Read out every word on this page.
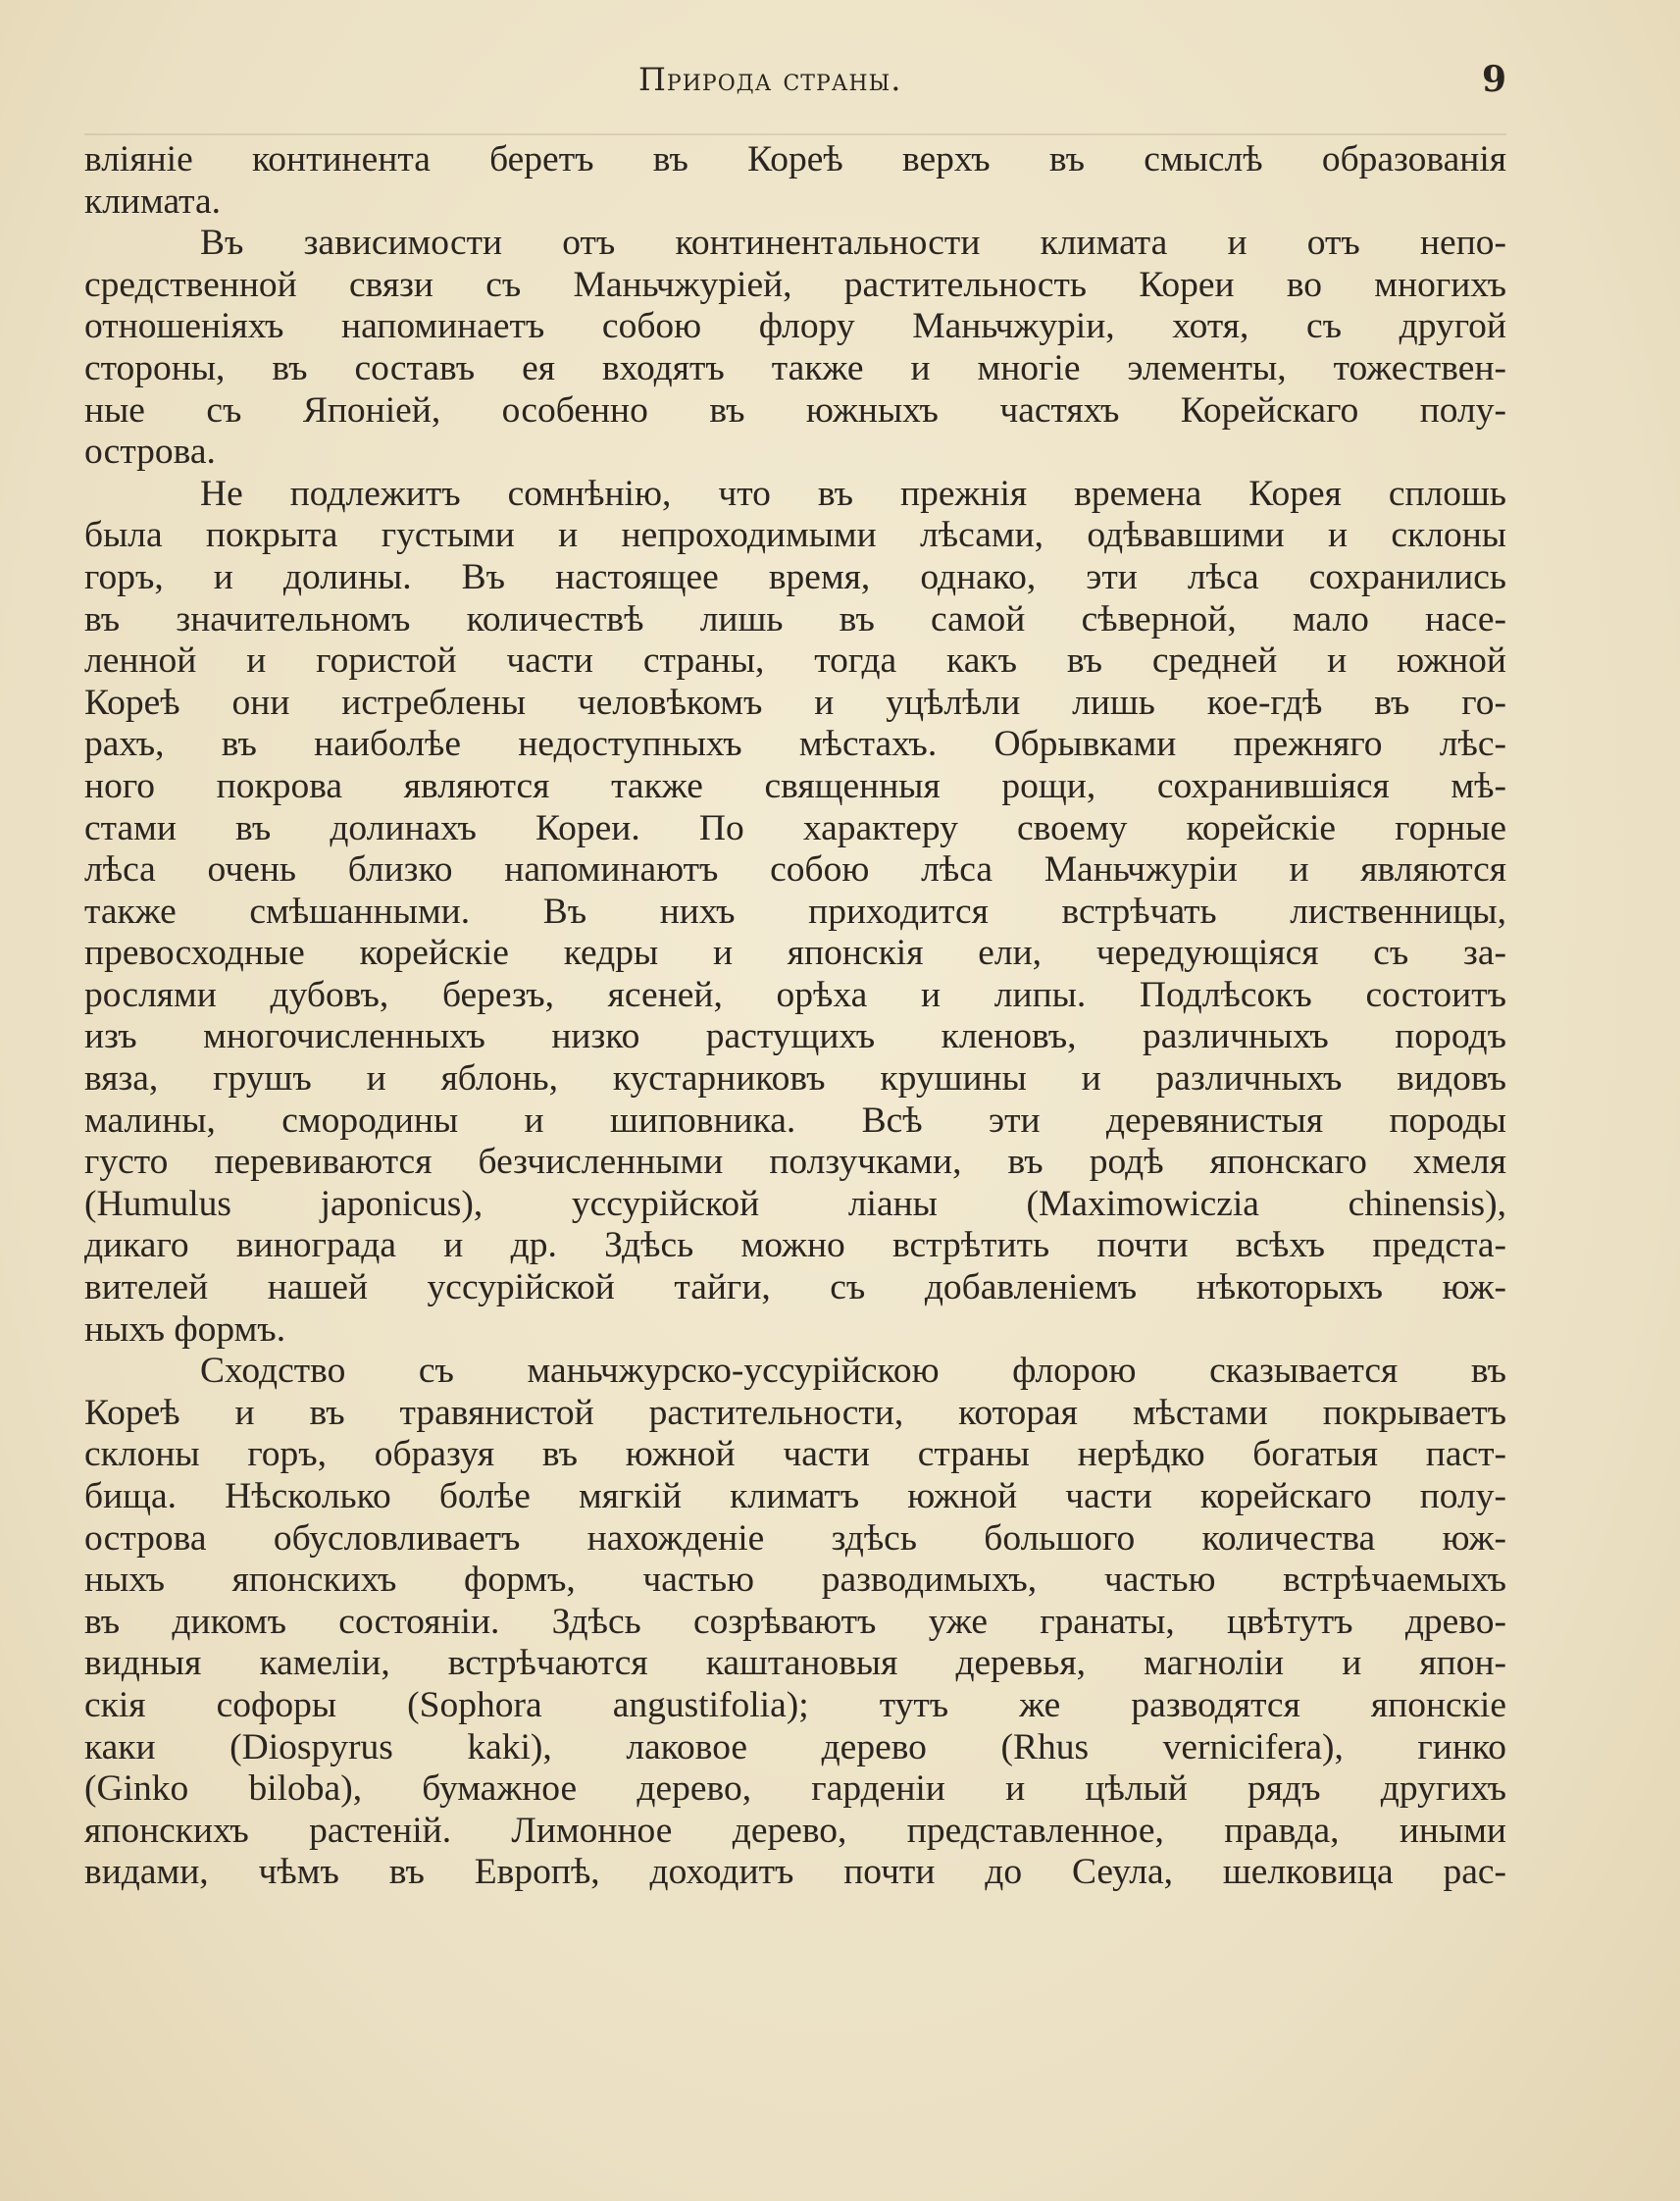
Природа страны.	9
вліяніе континента беретъ въ Кореѣ верхъ въ смыслѣ образованія
климата.
Въ зависимости отъ континентальности климата и отъ непо-
средственной связи съ Маньчжуріей, растительность Кореи во многихъ
отношеніяхъ напоминаетъ собою флору Маньчжуріи, хотя, съ другой
стороны, въ составъ ея входятъ также и многіе элементы, тожествен-
ные съ Японіей, особенно въ южныхъ частяхъ Корейскаго полу-
острова.
Не подлежитъ сомнѣнію, что въ прежнія времена Корея сплошь
была покрыта густыми и непроходимыми лѣсами, одѣвавшими и склоны
горъ, и долины. Въ настоящее время, однако, эти лѣса сохранились
въ значительномъ количествѣ лишь въ самой сѣверной, мало насе-
ленной и гористой части страны, тогда какъ въ средней и южной
Кореѣ они истреблены человѣкомъ и уцѣлѣли лишь кое-гдѣ въ го-
рахъ, въ наиболѣе недоступныхъ мѣстахъ. Обрывками прежняго лѣс-
ного покрова являются также священныя рощи, сохранившіяся мѣ-
стами въ долинахъ Кореи. По характеру своему корейскіе горные
лѣса очень близко напоминаютъ собою лѣса Маньчжуріи и являются
также смѣшанными. Въ нихъ приходится встрѣчать лиственницы,
превосходные корейскіе кедры и японскія ели, чередующіяся съ за-
рослями дубовъ, березъ, ясеней, орѣха и липы. Подлѣсокъ состоитъ
изъ многочисленныхъ низко растущихъ кленовъ, различныхъ породъ
вяза, грушъ и яблонь, кустарниковъ крушины и различныхъ видовъ
малины, смородины и шиповника. Всѣ эти деревянистыя породы
густо перевиваются безчисленными ползучками, въ родѣ японскаго хмеля
(Humulus japonicus), уссурійской ліаны (Maximowiczia chinensis),
дикаго винограда и др. Здѣсь можно встрѣтить почти всѣхъ предста-
вителей нашей уссурійской тайги, съ добавленіемъ нѣкоторыхъ юж-
ныхъ формъ.
Сходство съ маньчжурско-уссурійскою флорою сказывается въ
Кореѣ и въ травянистой растительности, которая мѣстами покрываетъ
склоны горъ, образуя въ южной части страны нерѣдко богатыя паст-
бища. Нѣсколько болѣе мягкій климатъ южной части корейскаго полу-
острова обусловливаетъ нахожденіе здѣсь большого количества юж-
ныхъ японскихъ формъ, частью разводимыхъ, частью встрѣчаемыхъ
въ дикомъ состояніи. Здѣсь созрѣваютъ уже гранаты, цвѣтутъ древо-
видныя камеліи, встрѣчаются каштановыя деревья, магноліи и япон-
скія софоры (Sophora angustifolia); тутъ же разводятся японскіе
каки (Diospyrus kaki), лаковое дерево (Rhus vernicifera), гинко
(Ginko biloba), бумажное дерево, гарденіи и цѣлый рядъ другихъ
японскихъ растеній. Лимонное дерево, представленное, правда, иными
видами, чѣмъ въ Европѣ, доходитъ почти до Сеула, шелковица рас-
